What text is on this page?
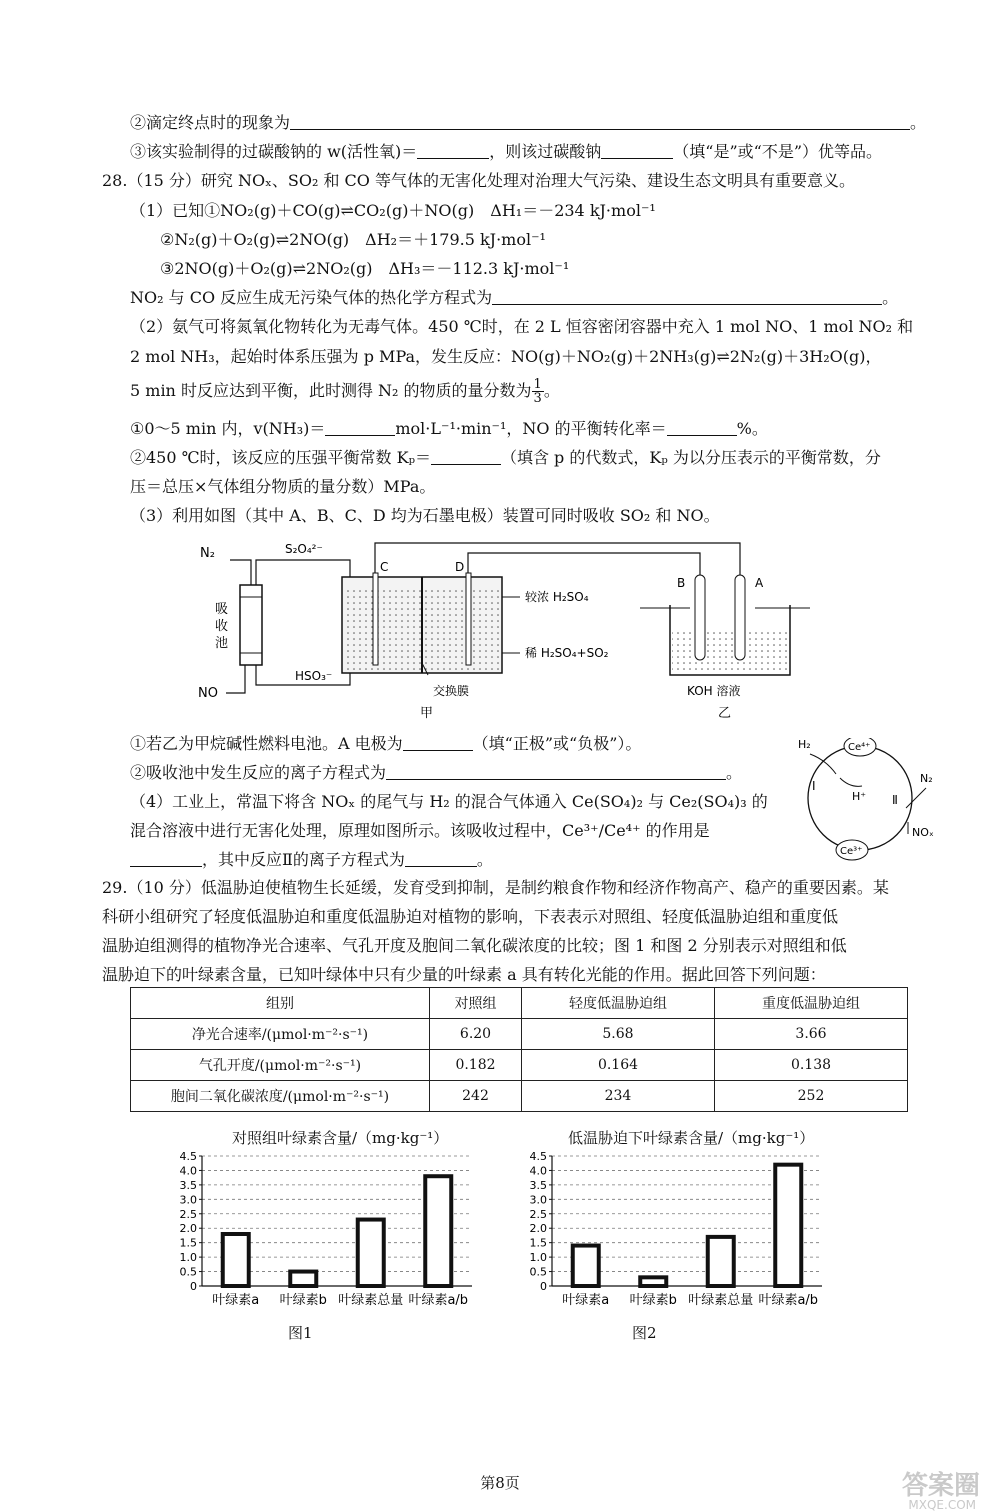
②滴定终点时的现象为	。
③该实验制得的过碳酸钠的 w(活性氧)＝	，则该过碳酸钠	（填“是”或“不是”）优等品。
28.（15 分）研究 NOₓ、SO₂ 和 CO 等气体的无害化处理对治理大气污染、建设生态文明具有重要意义。
（1）已知①NO₂(g)＋CO(g)⇌CO₂(g)＋NO(g)　ΔH₁＝－234 kJ·mol⁻¹
②N₂(g)＋O₂(g)⇌2NO(g)　ΔH₂＝＋179.5 kJ·mol⁻¹
③2NO(g)＋O₂(g)⇌2NO₂(g)　ΔH₃＝－112.3 kJ·mol⁻¹
NO₂ 与 CO 反应生成无污染气体的热化学方程式为	。
（2）氨气可将氮氧化物转化为无毒气体。450 ℃时，在 2 L 恒容密闭容器中充入 1 mol NO、1 mol NO₂ 和
2 mol NH₃，起始时体系压强为 p MPa，发生反应：NO(g)＋NO₂(g)＋2NH₃(g)⇌2N₂(g)＋3H₂O(g)，
5 min 时反应达到平衡，此时测得 N₂ 的物质的量分数为 $\frac{1}{3}$ 。
①0～5 min 内，v(NH₃)＝	mol·L⁻¹·min⁻¹，NO 的平衡转化率＝	%。
②450 ℃时，该反应的压强平衡常数 Kₚ＝	（填含 p 的代数式，Kₚ 为以分压表示的平衡常数，分
压＝总压×气体组分物质的量分数）MPa。
（3）利用如图（其中 A、B、C、D 均为石墨电极）装置可同时吸收 SO₂ 和 NO。
N₂
吸
收
池
NO
S₂O₄²⁻
HSO₃⁻
C	D
交换膜
甲
较浓 H₂SO₄
稀 H₂SO₄+SO₂
B	A
KOH 溶液
乙
①若乙为甲烷碱性燃料电池。A 电极为	（填“正极”或“负极”）。
②吸收池中发生反应的离子方程式为	。
（4）工业上，常温下将含 NOₓ 的尾气与 H₂ 的混合气体通入 Ce(SO₄)₂ 与 Ce₂(SO₄)₃ 的
混合溶液中进行无害化处理，原理如图所示。该吸收过程中，Ce³⁺/Ce⁴⁺ 的作用是
，其中反应Ⅱ的离子方程式为	。
Ce⁴⁺
Ce³⁺
H₂
H⁺
Ⅰ
Ⅱ
N₂
NOₓ
29.（10 分）低温胁迫使植物生长延缓，发育受到抑制，是制约粮食作物和经济作物高产、稳产的重要因素。某
科研小组研究了轻度低温胁迫和重度低温胁迫对植物的影响，下表表示对照组、轻度低温胁迫组和重度低
温胁迫组测得的植物净光合速率、气孔开度及胞间二氧化碳浓度的比较；图 1 和图 2 分别表示对照组和低
温胁迫下的叶绿素含量，已知叶绿体中只有少量的叶绿素 a 具有转化光能的作用。据此回答下列问题：
组别	对照组	轻度低温胁迫组	重度低温胁迫组
净光合速率/(μmol·m⁻²·s⁻¹)	6.20	5.68	3.66
气孔开度/(μmol·m⁻²·s⁻¹)	0.182	0.164	0.138
胞间二氧化碳浓度/(μmol·m⁻²·s⁻¹)	242	234	252
对照组叶绿素含量/（mg·kg⁻¹）	低温胁迫下叶绿素含量/（mg·kg⁻¹）
0
0.5
1.0
1.5
2.0
2.5
3.0
3.5
4.0
4.5
叶绿素a 叶绿素b 叶绿素总量 叶绿素a/b
0
0.5
1.0
1.5
2.0
2.5
3.0
3.5
4.0
4.5
叶绿素a 叶绿素b 叶绿素总量 叶绿素a/b
图1	图2
第8页	答案圈
MXQE.COM
